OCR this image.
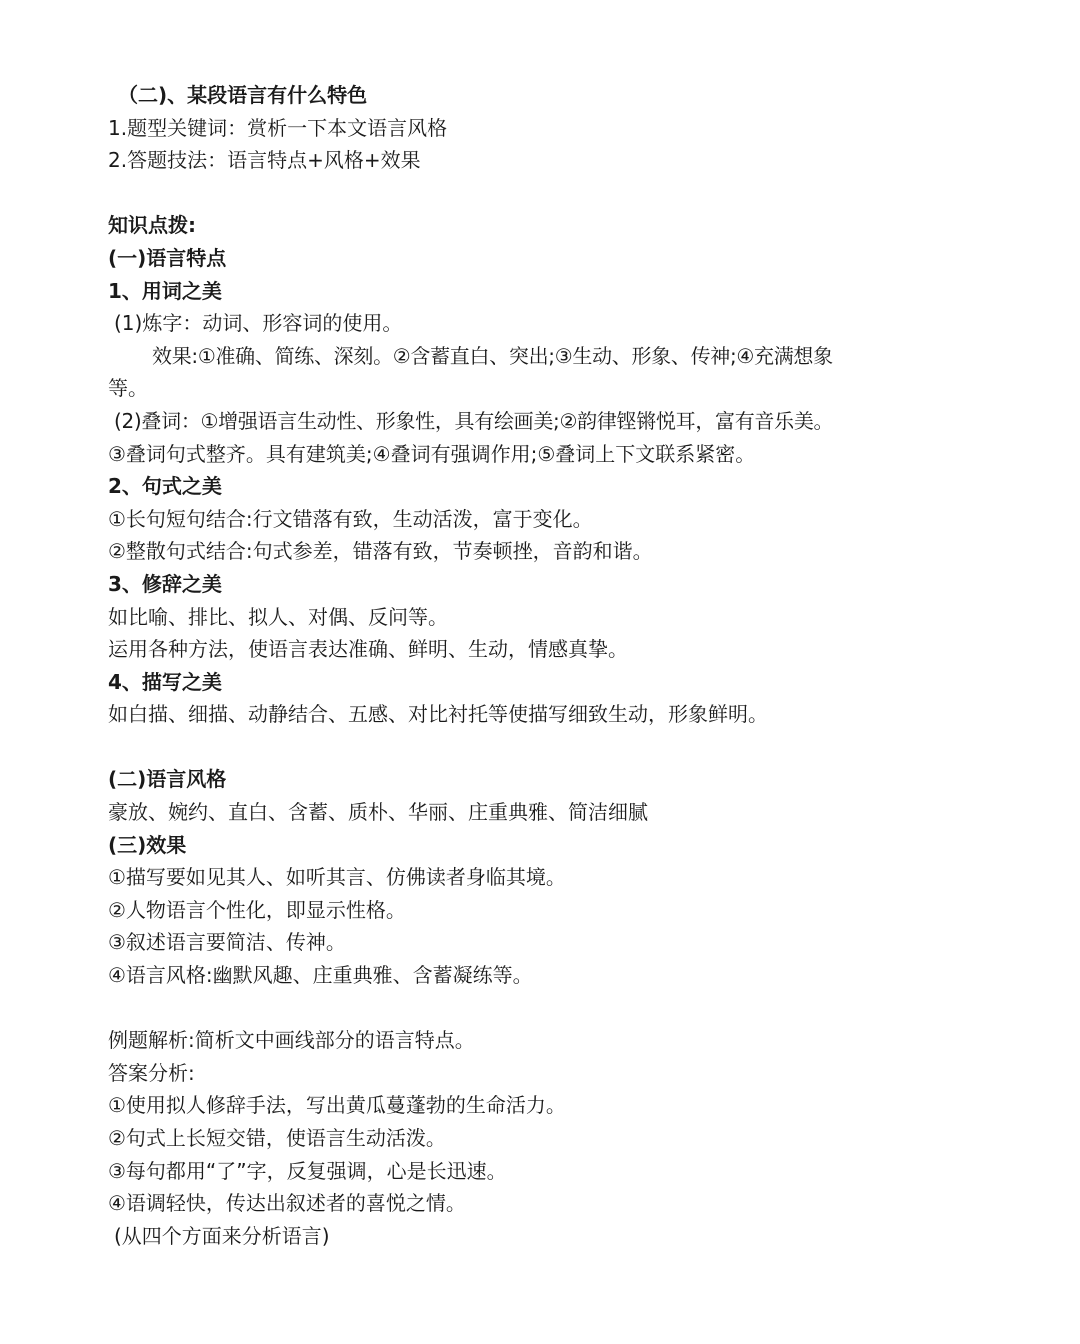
（二)、某段语言有什么特色
1.题型关键词：赏析一下本文语言风格
2.答题技法：语言特点+风格+效果
知识点拨:
(一)语言特点
1、用词之美
(1)炼字：动词、形容词的使用。
效果:①准确、简练、深刻。②含蓄直白、突出;③生动、形象、传神;④充满想象
等。
(2)叠词：①增强语言生动性、形象性，具有绘画美;②韵律铿锵悦耳，富有音乐美。
③叠词句式整齐。具有建筑美;④叠词有强调作用;⑤叠词上下文联系紧密。
2、句式之美
①长句短句结合:行文错落有致，生动活泼，富于变化。
②整散句式结合:句式参差，错落有致，节奏顿挫，音韵和谐。
3、修辞之美
如比喻、排比、拟人、对偶、反问等。
运用各种方法，使语言表达准确、鲜明、生动，情感真挚。
4、描写之美
如白描、细描、动静结合、五感、对比衬托等使描写细致生动，形象鲜明。
(二)语言风格
豪放、婉约、直白、含蓄、质朴、华丽、庄重典雅、简洁细腻
(三)效果
①描写要如见其人、如听其言、仿佛读者身临其境。
②人物语言个性化，即显示性格。
③叙述语言要简洁、传神。
④语言风格:幽默风趣、庄重典雅、含蓄凝练等。
例题解析:简析文中画线部分的语言特点。
答案分析:
①使用拟人修辞手法，写出黄瓜蔓蓬勃的生命活力。
②句式上长短交错，使语言生动活泼。
③每句都用“了”字，反复强调，心是长迅速。
④语调轻快，传达出叙述者的喜悦之情。
(从四个方面来分析语言)
